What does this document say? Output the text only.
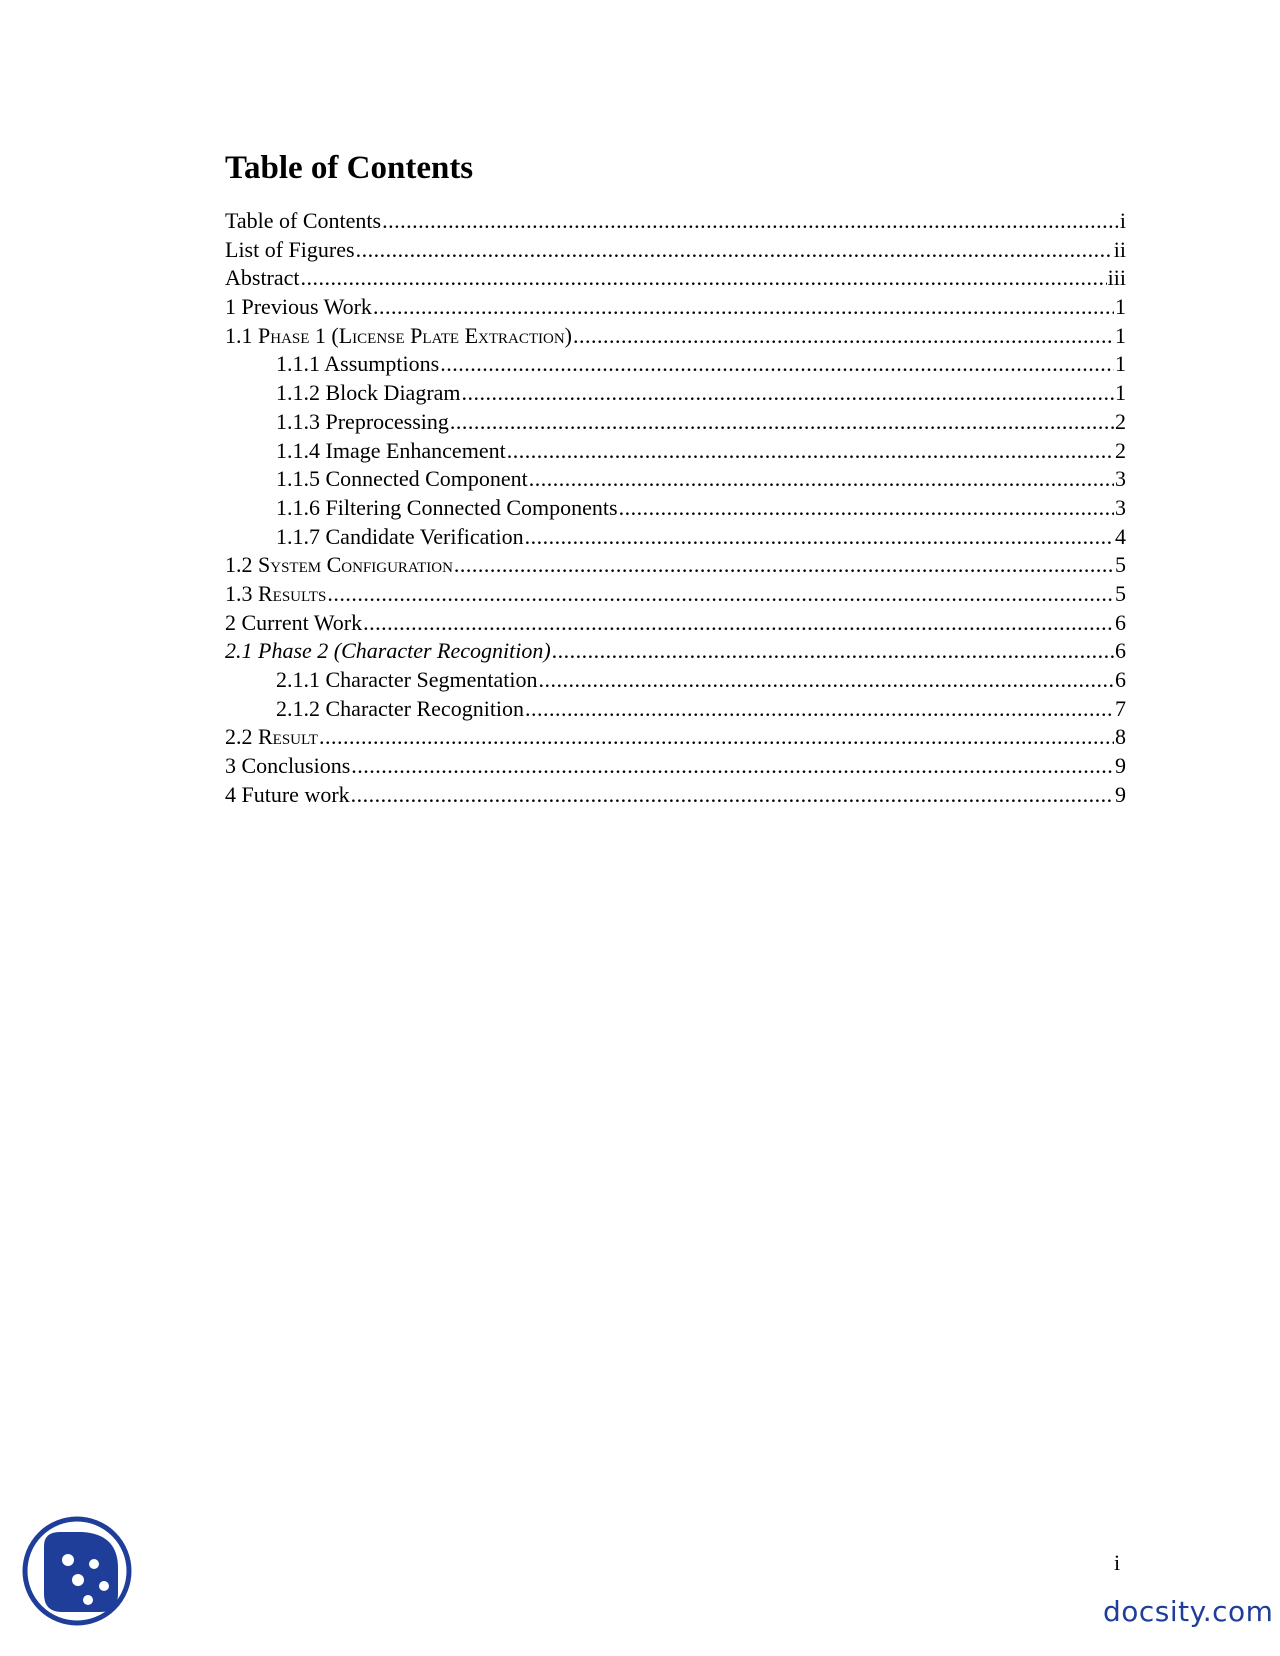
Table of Contents
Table of Contents .....	i
List of Figures .....	ii
Abstract .....	iii
1 Previous Work .....	1
1.1 Phase 1 (License Plate Extraction) .....	1
1.1.1 Assumptions .....	1
1.1.2 Block Diagram .....	1
1.1.3 Preprocessing .....	2
1.1.4 Image Enhancement .....	2
1.1.5 Connected Component .....	3
1.1.6 Filtering Connected Components .....	3
1.1.7 Candidate Verification .....	4
1.2 System Configuration .....	5
1.3 Results .....	5
2 Current Work .....	6
2.1 Phase 2 (Character Recognition) .....	6
2.1.1 Character Segmentation .....	6
2.1.2 Character Recognition .....	7
2.2 Result .....	8
3 Conclusions .....	9
4 Future work .....	9
i
docsity.com
